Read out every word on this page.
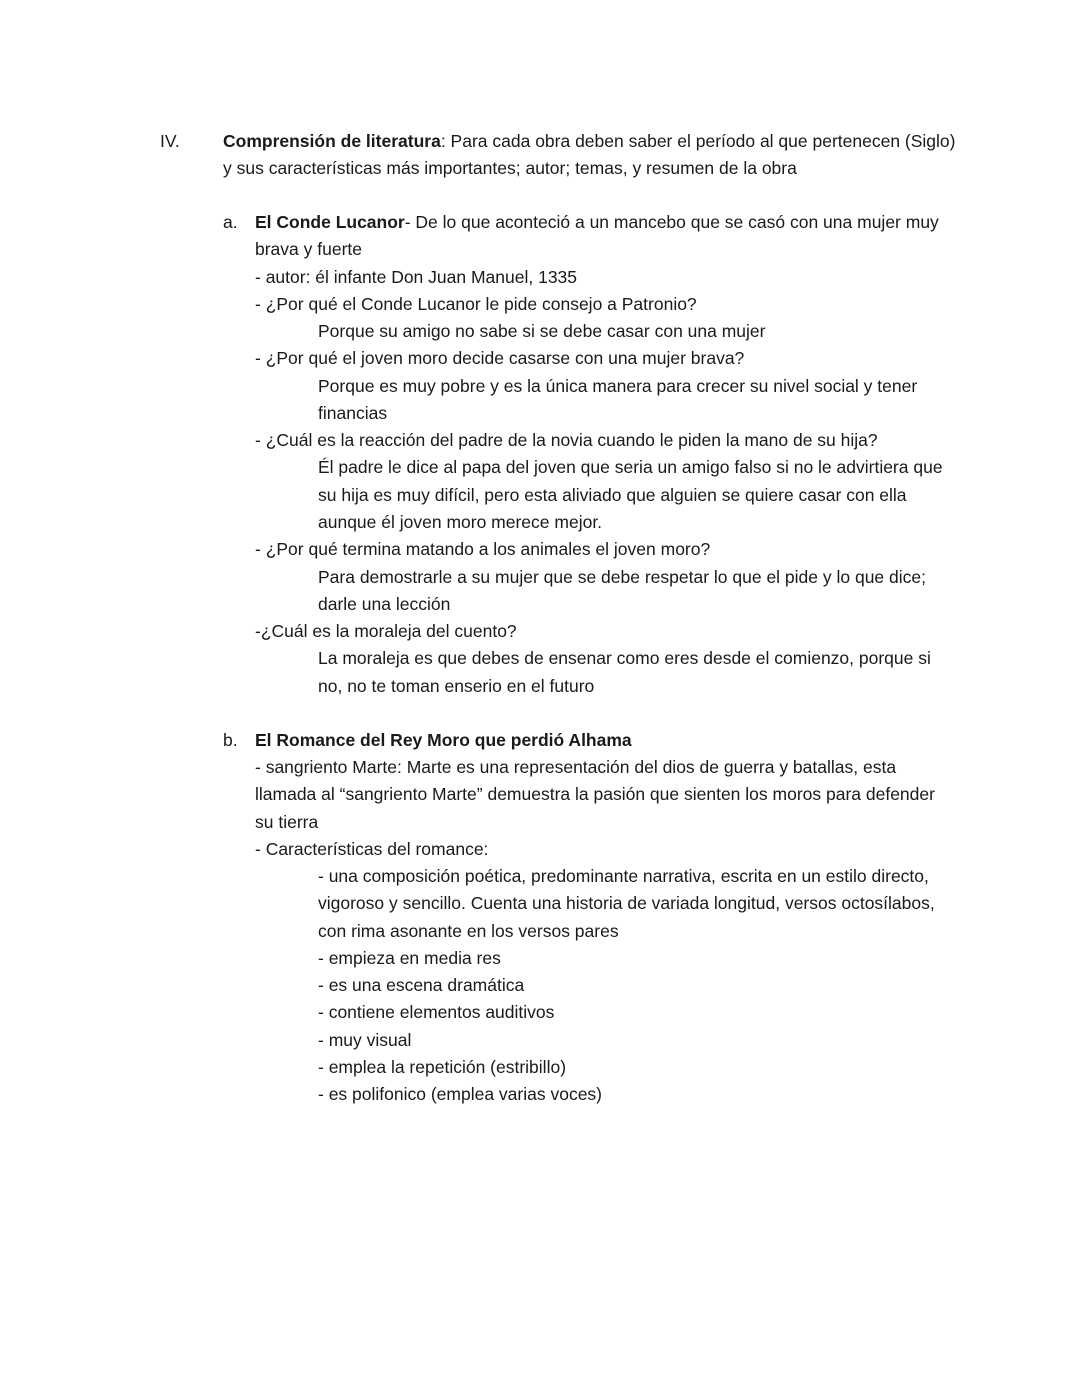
IV. Comprensión de literatura: Para cada obra deben saber el período al que pertenecen (Siglo)

y sus características más importantes; autor; temas, y resumen de la obra

a. El Conde Lucanor- De lo que aconteció a un mancebo que se casó con una mujer muy

brava y fuerte

- autor: él infante Don Juan Manuel, 1335

- ¿Por qué el Conde Lucanor le pide consejo a Patronio?

Porque su amigo no sabe si se debe casar con una mujer

- ¿Por qué el joven moro decide casarse con una mujer brava?

Porque es muy pobre y es la única manera para crecer su nivel social y tener

financias

- ¿Cuál es la reacción del padre de la novia cuando le piden la mano de su hija?

Él padre le dice al papa del joven que seria un amigo falso si no le advirtiera que

su hija es muy difícil, pero esta aliviado que alguien se quiere casar con ella

aunque él joven moro merece mejor.

- ¿Por qué termina matando a los animales el joven moro?

Para demostrarle a su mujer que se debe respetar lo que el pide y lo que dice;

darle una lección

-¿Cuál es la moraleja del cuento?

La moraleja es que debes de ensenar como eres desde el comienzo, porque si

no, no te toman enserio en el futuro

b. El Romance del Rey Moro que perdió Alhama

- sangriento Marte: Marte es una representación del dios de guerra y batallas, esta

llamada al “sangriento Marte” demuestra la pasión que sienten los moros para defender

su tierra

- Características del romance:

- una composición poética, predominante narrativa, escrita en un estilo directo,

vigoroso y sencillo. Cuenta una historia de variada longitud, versos octosílabos,

con rima asonante en los versos pares

- empieza en media res

- es una escena dramática

- contiene elementos auditivos

- muy visual

- emplea la repetición (estribillo)

- es polifonico (emplea varias voces)
